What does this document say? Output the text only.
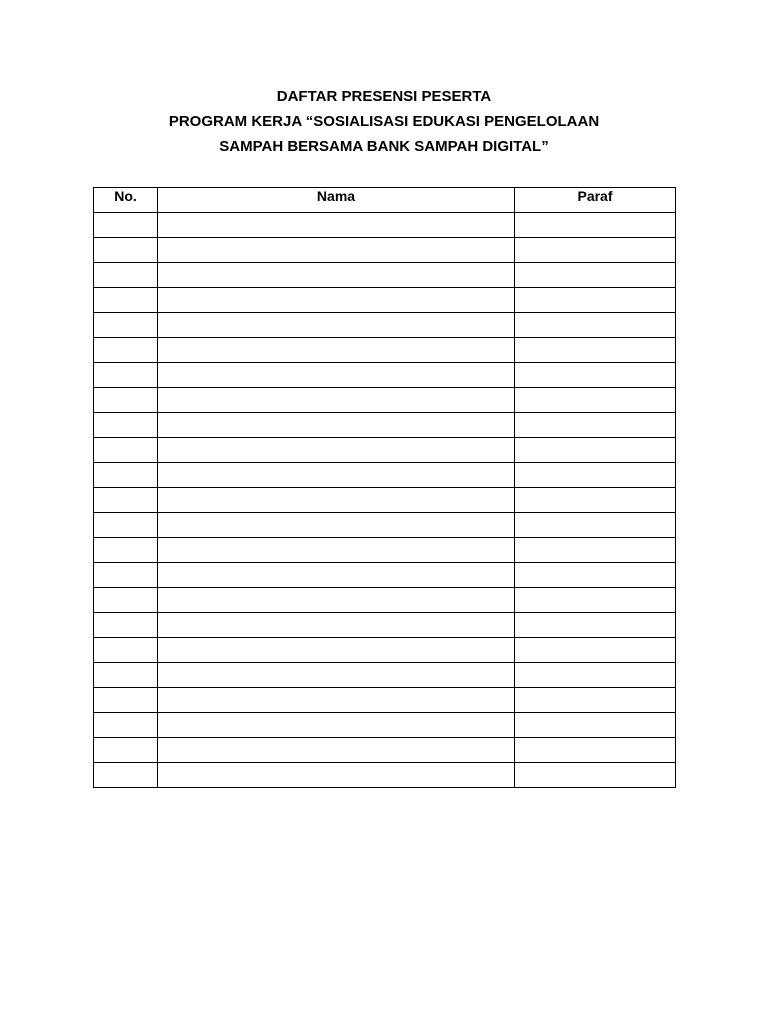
DAFTAR PRESENSI PESERTA
PROGRAM KERJA “SOSIALISASI EDUKASI PENGELOLAAN
SAMPAH BERSAMA BANK SAMPAH DIGITAL”
No.	Nama	Paraf
